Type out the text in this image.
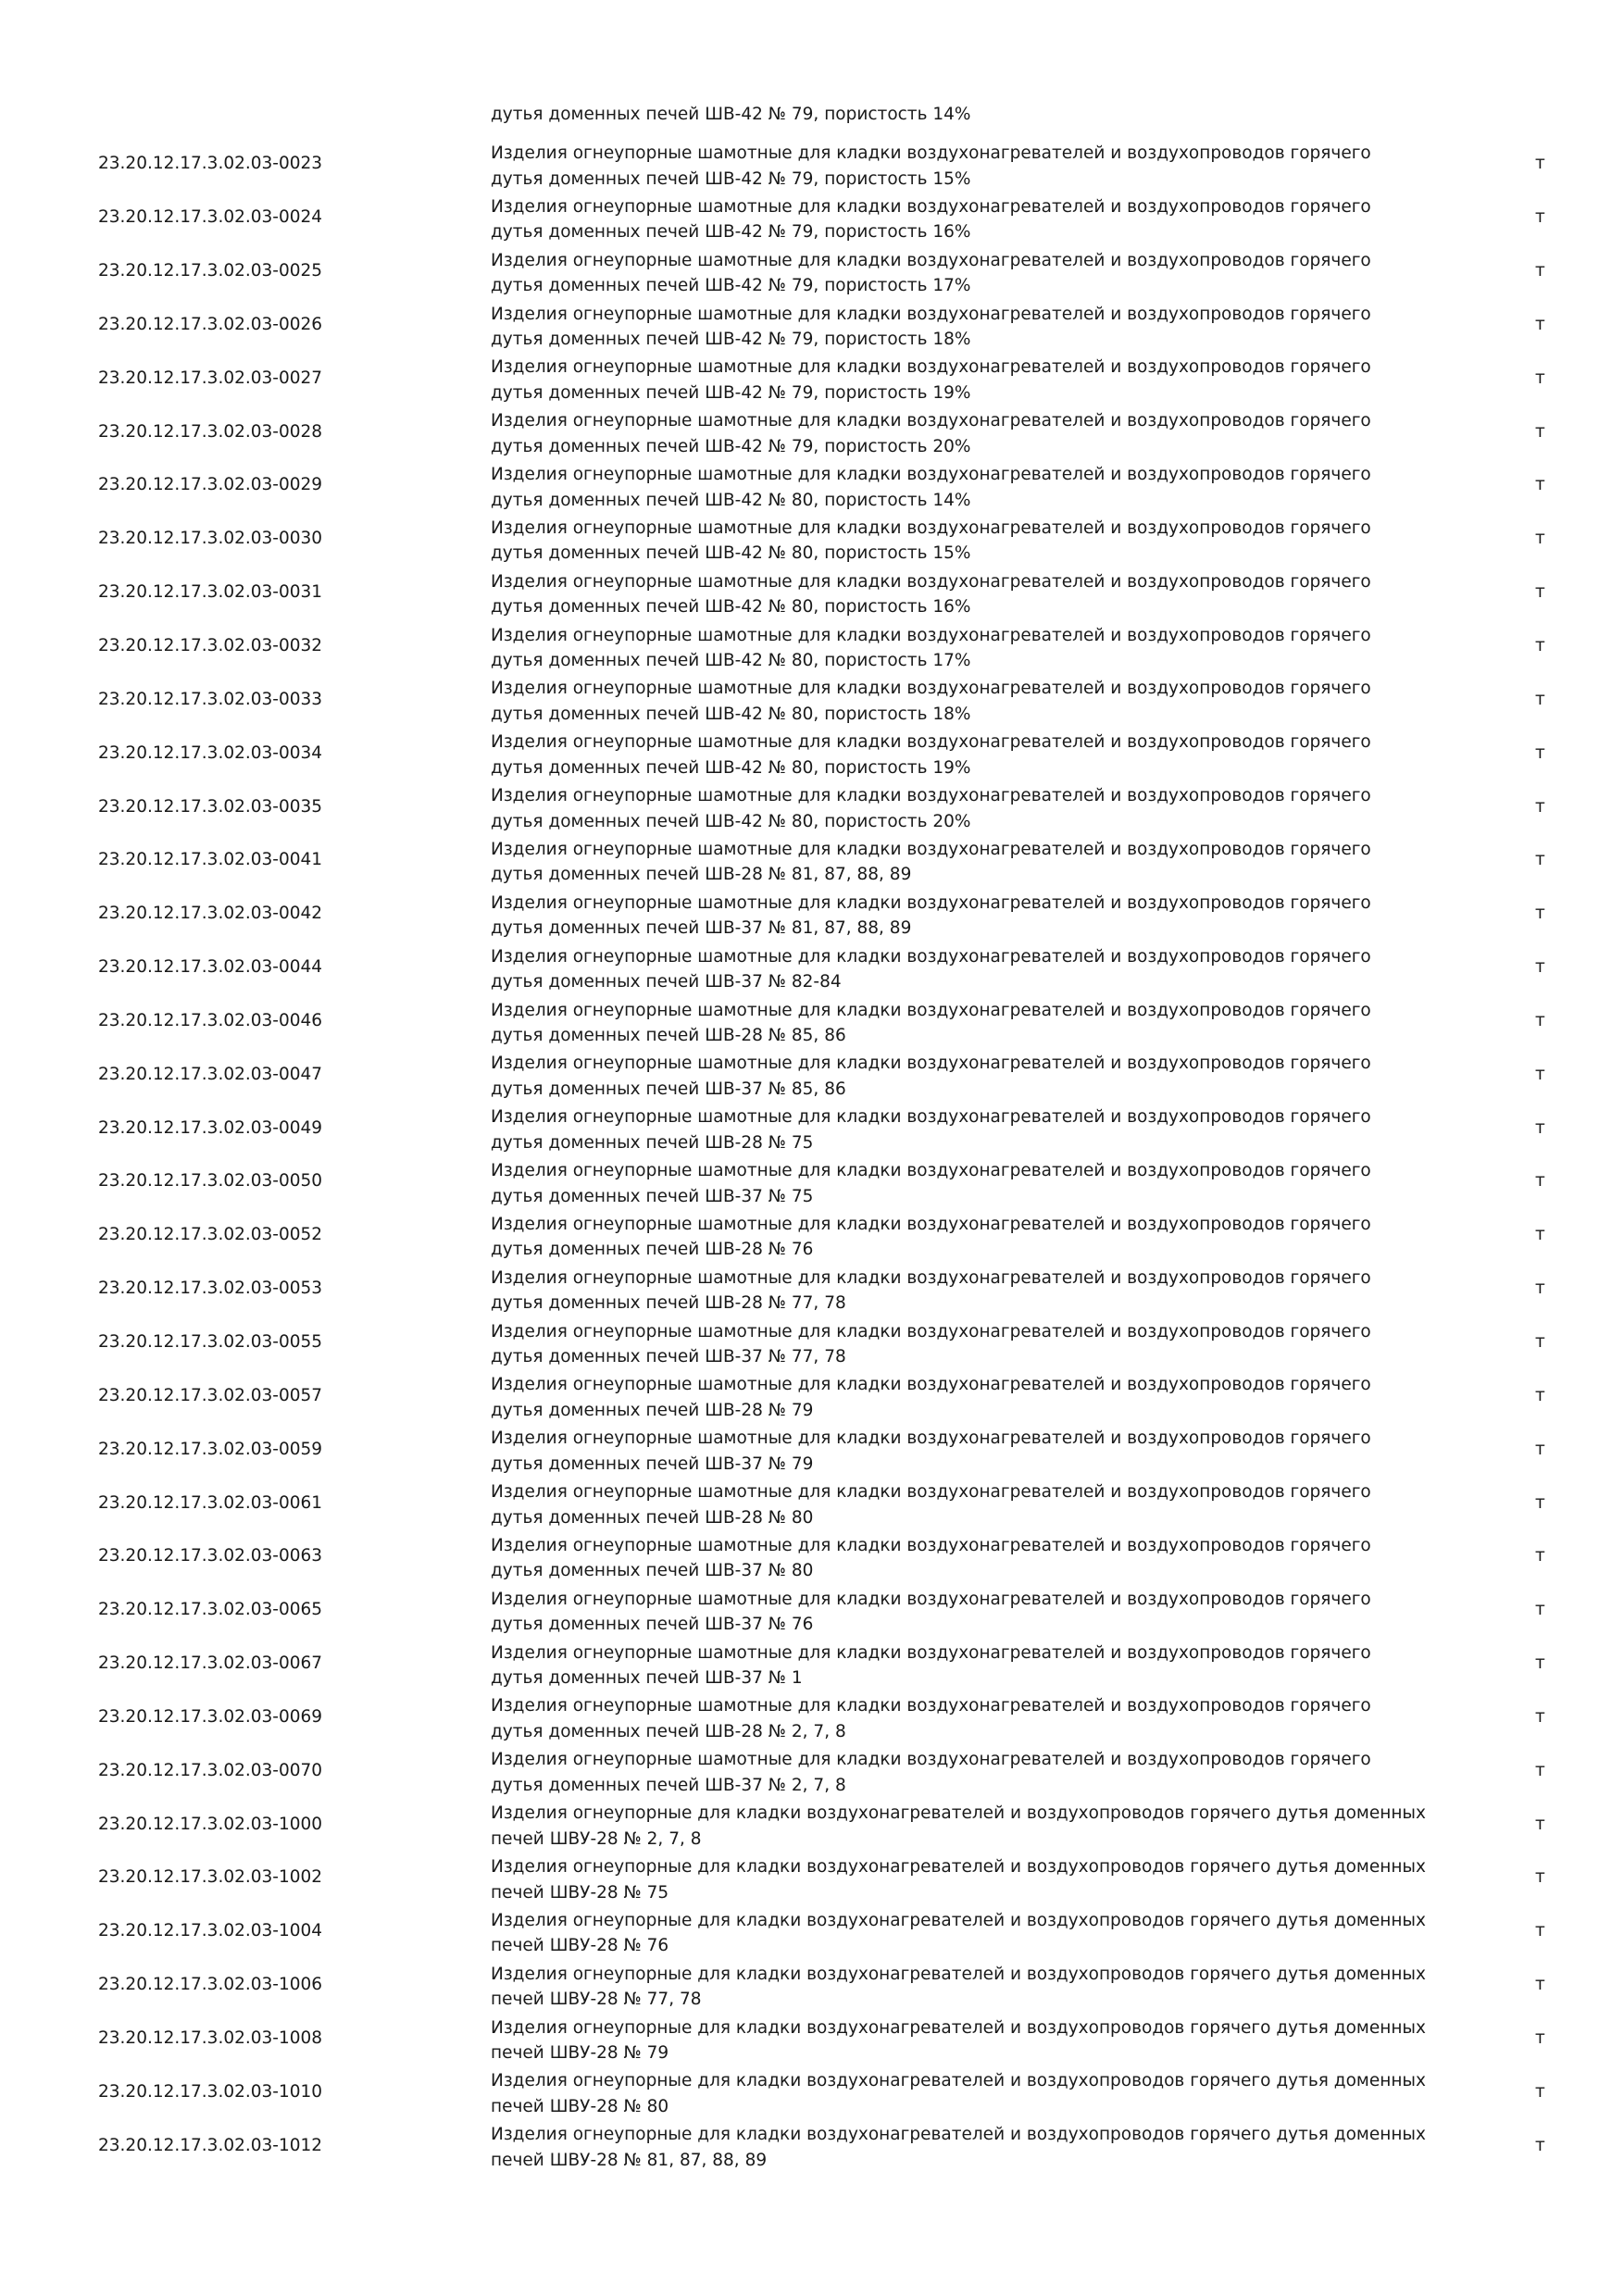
дутья доменных печей ШВ-42 № 79, пористость 14%
23.20.12.17.3.02.03-0023
Изделия огнеупорные шамотные для кладки воздухонагревателей и воздухопроводов горячего
дутья доменных печей ШВ-42 № 79, пористость 15%
т
23.20.12.17.3.02.03-0024
Изделия огнеупорные шамотные для кладки воздухонагревателей и воздухопроводов горячего
дутья доменных печей ШВ-42 № 79, пористость 16%
т
23.20.12.17.3.02.03-0025
Изделия огнеупорные шамотные для кладки воздухонагревателей и воздухопроводов горячего
дутья доменных печей ШВ-42 № 79, пористость 17%
т
23.20.12.17.3.02.03-0026
Изделия огнеупорные шамотные для кладки воздухонагревателей и воздухопроводов горячего
дутья доменных печей ШВ-42 № 79, пористость 18%
т
23.20.12.17.3.02.03-0027
Изделия огнеупорные шамотные для кладки воздухонагревателей и воздухопроводов горячего
дутья доменных печей ШВ-42 № 79, пористость 19%
т
23.20.12.17.3.02.03-0028
Изделия огнеупорные шамотные для кладки воздухонагревателей и воздухопроводов горячего
дутья доменных печей ШВ-42 № 79, пористость 20%
т
23.20.12.17.3.02.03-0029
Изделия огнеупорные шамотные для кладки воздухонагревателей и воздухопроводов горячего
дутья доменных печей ШВ-42 № 80, пористость 14%
т
23.20.12.17.3.02.03-0030
Изделия огнеупорные шамотные для кладки воздухонагревателей и воздухопроводов горячего
дутья доменных печей ШВ-42 № 80, пористость 15%
т
23.20.12.17.3.02.03-0031
Изделия огнеупорные шамотные для кладки воздухонагревателей и воздухопроводов горячего
дутья доменных печей ШВ-42 № 80, пористость 16%
т
23.20.12.17.3.02.03-0032
Изделия огнеупорные шамотные для кладки воздухонагревателей и воздухопроводов горячего
дутья доменных печей ШВ-42 № 80, пористость 17%
т
23.20.12.17.3.02.03-0033
Изделия огнеупорные шамотные для кладки воздухонагревателей и воздухопроводов горячего
дутья доменных печей ШВ-42 № 80, пористость 18%
т
23.20.12.17.3.02.03-0034
Изделия огнеупорные шамотные для кладки воздухонагревателей и воздухопроводов горячего
дутья доменных печей ШВ-42 № 80, пористость 19%
т
23.20.12.17.3.02.03-0035
Изделия огнеупорные шамотные для кладки воздухонагревателей и воздухопроводов горячего
дутья доменных печей ШВ-42 № 80, пористость 20%
т
23.20.12.17.3.02.03-0041
Изделия огнеупорные шамотные для кладки воздухонагревателей и воздухопроводов горячего
дутья доменных печей ШВ-28 № 81, 87, 88, 89
т
23.20.12.17.3.02.03-0042
Изделия огнеупорные шамотные для кладки воздухонагревателей и воздухопроводов горячего
дутья доменных печей ШВ-37 № 81, 87, 88, 89
т
23.20.12.17.3.02.03-0044
Изделия огнеупорные шамотные для кладки воздухонагревателей и воздухопроводов горячего
дутья доменных печей ШВ-37 № 82-84
т
23.20.12.17.3.02.03-0046
Изделия огнеупорные шамотные для кладки воздухонагревателей и воздухопроводов горячего
дутья доменных печей ШВ-28 № 85, 86
т
23.20.12.17.3.02.03-0047
Изделия огнеупорные шамотные для кладки воздухонагревателей и воздухопроводов горячего
дутья доменных печей ШВ-37 № 85, 86
т
23.20.12.17.3.02.03-0049
Изделия огнеупорные шамотные для кладки воздухонагревателей и воздухопроводов горячего
дутья доменных печей ШВ-28 № 75
т
23.20.12.17.3.02.03-0050
Изделия огнеупорные шамотные для кладки воздухонагревателей и воздухопроводов горячего
дутья доменных печей ШВ-37 № 75
т
23.20.12.17.3.02.03-0052
Изделия огнеупорные шамотные для кладки воздухонагревателей и воздухопроводов горячего
дутья доменных печей ШВ-28 № 76
т
23.20.12.17.3.02.03-0053
Изделия огнеупорные шамотные для кладки воздухонагревателей и воздухопроводов горячего
дутья доменных печей ШВ-28 № 77, 78
т
23.20.12.17.3.02.03-0055
Изделия огнеупорные шамотные для кладки воздухонагревателей и воздухопроводов горячего
дутья доменных печей ШВ-37 № 77, 78
т
23.20.12.17.3.02.03-0057
Изделия огнеупорные шамотные для кладки воздухонагревателей и воздухопроводов горячего
дутья доменных печей ШВ-28 № 79
т
23.20.12.17.3.02.03-0059
Изделия огнеупорные шамотные для кладки воздухонагревателей и воздухопроводов горячего
дутья доменных печей ШВ-37 № 79
т
23.20.12.17.3.02.03-0061
Изделия огнеупорные шамотные для кладки воздухонагревателей и воздухопроводов горячего
дутья доменных печей ШВ-28 № 80
т
23.20.12.17.3.02.03-0063
Изделия огнеупорные шамотные для кладки воздухонагревателей и воздухопроводов горячего
дутья доменных печей ШВ-37 № 80
т
23.20.12.17.3.02.03-0065
Изделия огнеупорные шамотные для кладки воздухонагревателей и воздухопроводов горячего
дутья доменных печей ШВ-37 № 76
т
23.20.12.17.3.02.03-0067
Изделия огнеупорные шамотные для кладки воздухонагревателей и воздухопроводов горячего
дутья доменных печей ШВ-37 № 1
т
23.20.12.17.3.02.03-0069
Изделия огнеупорные шамотные для кладки воздухонагревателей и воздухопроводов горячего
дутья доменных печей ШВ-28 № 2, 7, 8
т
23.20.12.17.3.02.03-0070
Изделия огнеупорные шамотные для кладки воздухонагревателей и воздухопроводов горячего
дутья доменных печей ШВ-37 № 2, 7, 8
т
23.20.12.17.3.02.03-1000
Изделия огнеупорные для кладки воздухонагревателей и воздухопроводов горячего дутья доменных
печей ШВУ-28 № 2, 7, 8
т
23.20.12.17.3.02.03-1002
Изделия огнеупорные для кладки воздухонагревателей и воздухопроводов горячего дутья доменных
печей ШВУ-28 № 75
т
23.20.12.17.3.02.03-1004
Изделия огнеупорные для кладки воздухонагревателей и воздухопроводов горячего дутья доменных
печей ШВУ-28 № 76
т
23.20.12.17.3.02.03-1006
Изделия огнеупорные для кладки воздухонагревателей и воздухопроводов горячего дутья доменных
печей ШВУ-28 № 77, 78
т
23.20.12.17.3.02.03-1008
Изделия огнеупорные для кладки воздухонагревателей и воздухопроводов горячего дутья доменных
печей ШВУ-28 № 79
т
23.20.12.17.3.02.03-1010
Изделия огнеупорные для кладки воздухонагревателей и воздухопроводов горячего дутья доменных
печей ШВУ-28 № 80
т
23.20.12.17.3.02.03-1012
Изделия огнеупорные для кладки воздухонагревателей и воздухопроводов горячего дутья доменных
печей ШВУ-28 № 81, 87, 88, 89
т
